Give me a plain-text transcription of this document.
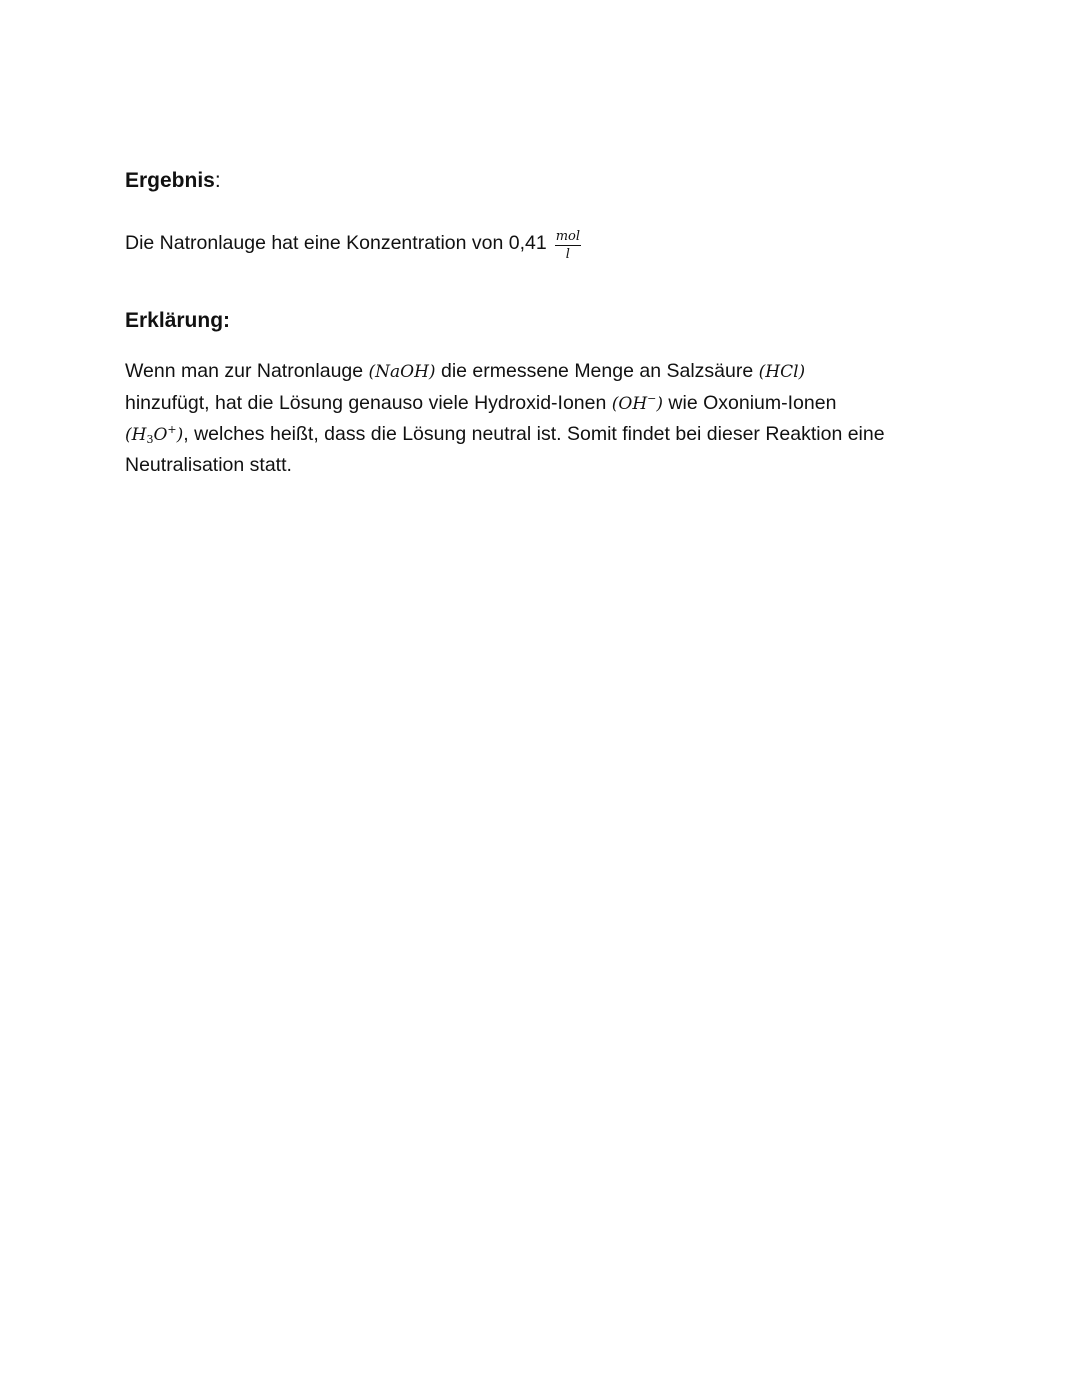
Ergebnis:
Die Natronlauge hat eine Konzentration von $0,41 \frac{\text{mol}}{l}$
Erklärung:
Wenn man zur Natronlauge (NaOH) die ermessene Menge an Salzsäure (HCl)
hinzufügt, hat die Lösung genauso viele Hydroxid-Ionen (OH−) wie Oxonium-Ionen
$(H_3O^+)$, welches heißt, dass die Lösung neutral ist. Somit findet bei dieser Reaktion eine
Neutralisation statt.
